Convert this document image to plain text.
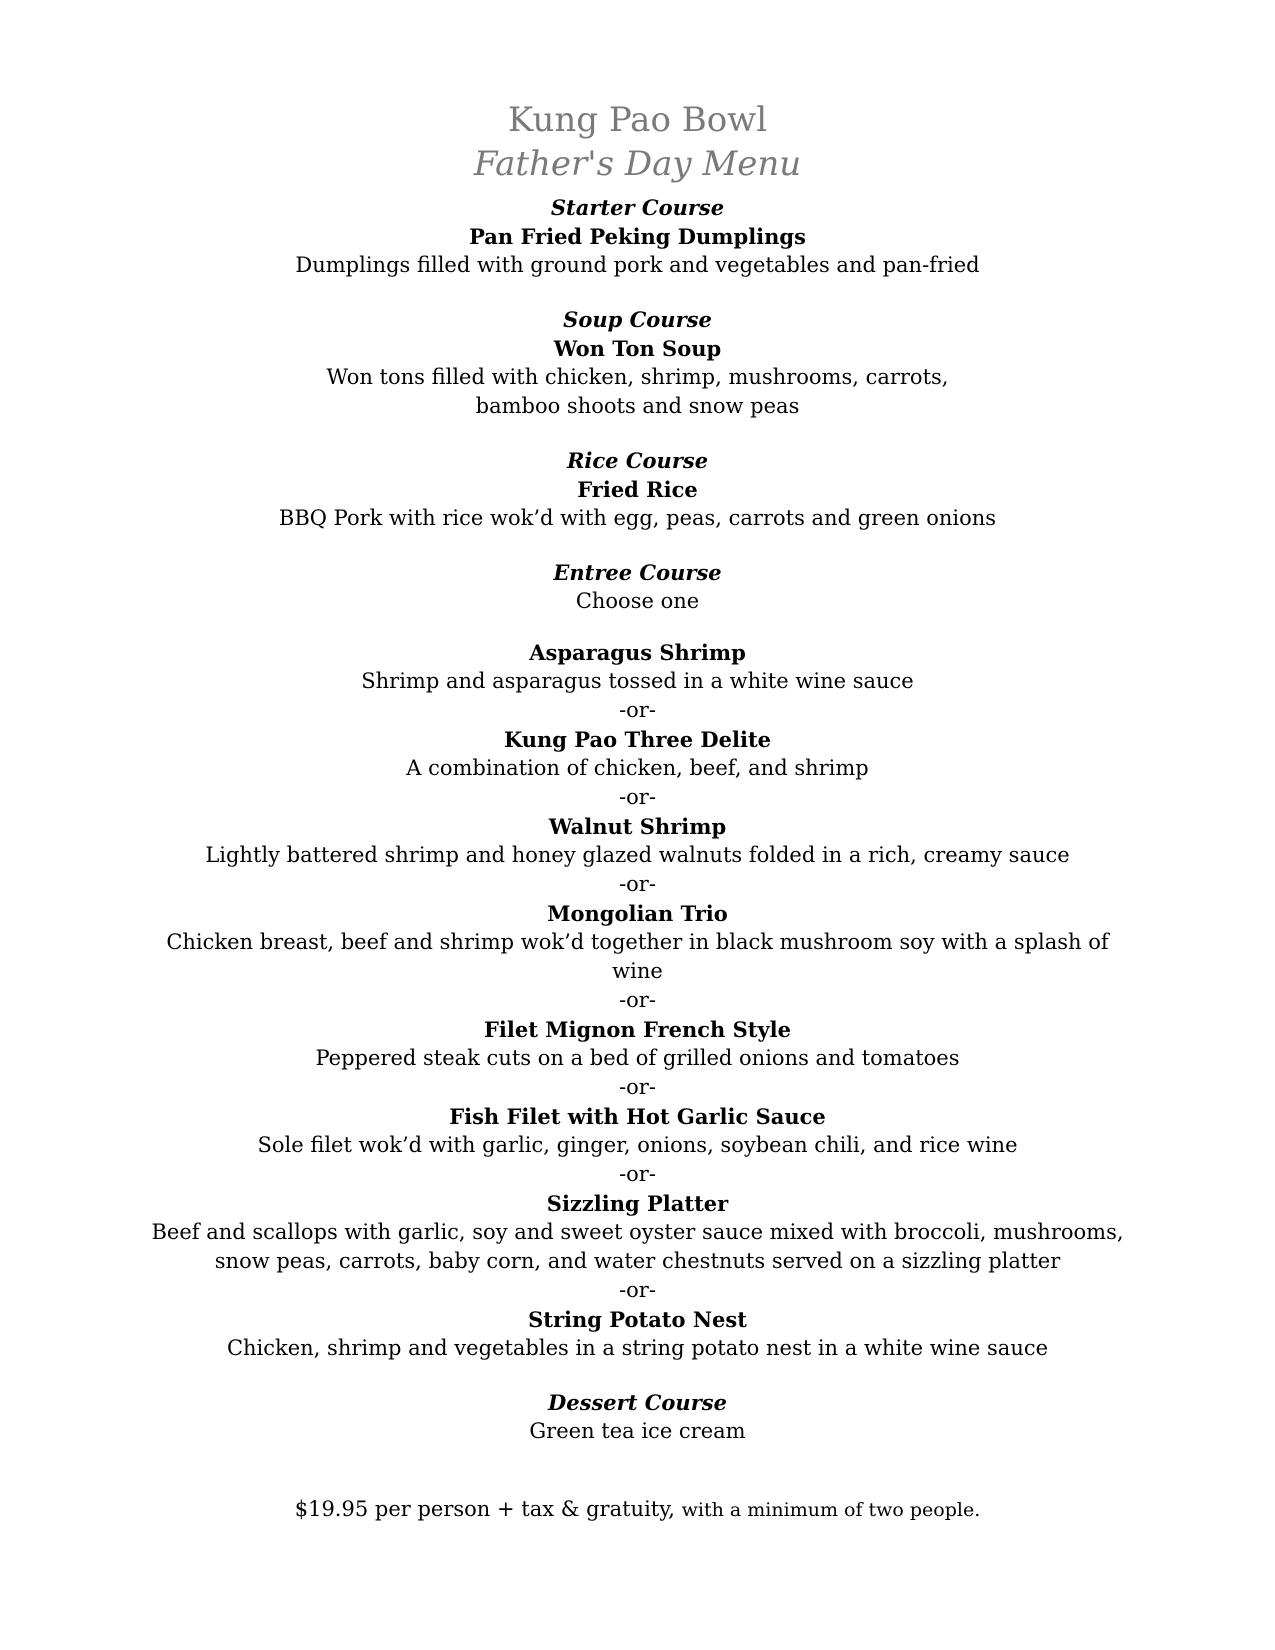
Kung Pao Bowl
Father's Day Menu
Starter Course
Pan Fried Peking Dumplings
Dumplings filled with ground pork and vegetables and pan-fried
Soup Course
Won Ton Soup
Won tons filled with chicken, shrimp, mushrooms, carrots,
bamboo shoots and snow peas
Rice Course
Fried Rice
BBQ Pork with rice wok’d with egg, peas, carrots and green onions
Entree Course
Choose one
Asparagus Shrimp
Shrimp and asparagus tossed in a white wine sauce
-or-
Kung Pao Three Delite
A combination of chicken, beef, and shrimp
-or-
Walnut Shrimp
Lightly battered shrimp and honey glazed walnuts folded in a rich, creamy sauce
-or-
Mongolian Trio
Chicken breast, beef and shrimp wok’d together in black mushroom soy with a splash of
wine
-or-
Filet Mignon French Style
Peppered steak cuts on a bed of grilled onions and tomatoes
-or-
Fish Filet with Hot Garlic Sauce
Sole filet wok’d with garlic, ginger, onions, soybean chili, and rice wine
-or-
Sizzling Platter
Beef and scallops with garlic, soy and sweet oyster sauce mixed with broccoli, mushrooms,
snow peas, carrots, baby corn, and water chestnuts served on a sizzling platter
-or-
String Potato Nest
Chicken, shrimp and vegetables in a string potato nest in a white wine sauce
Dessert Course
Green tea ice cream
$19.95 per person + tax & gratuity, with a minimum of two people.
